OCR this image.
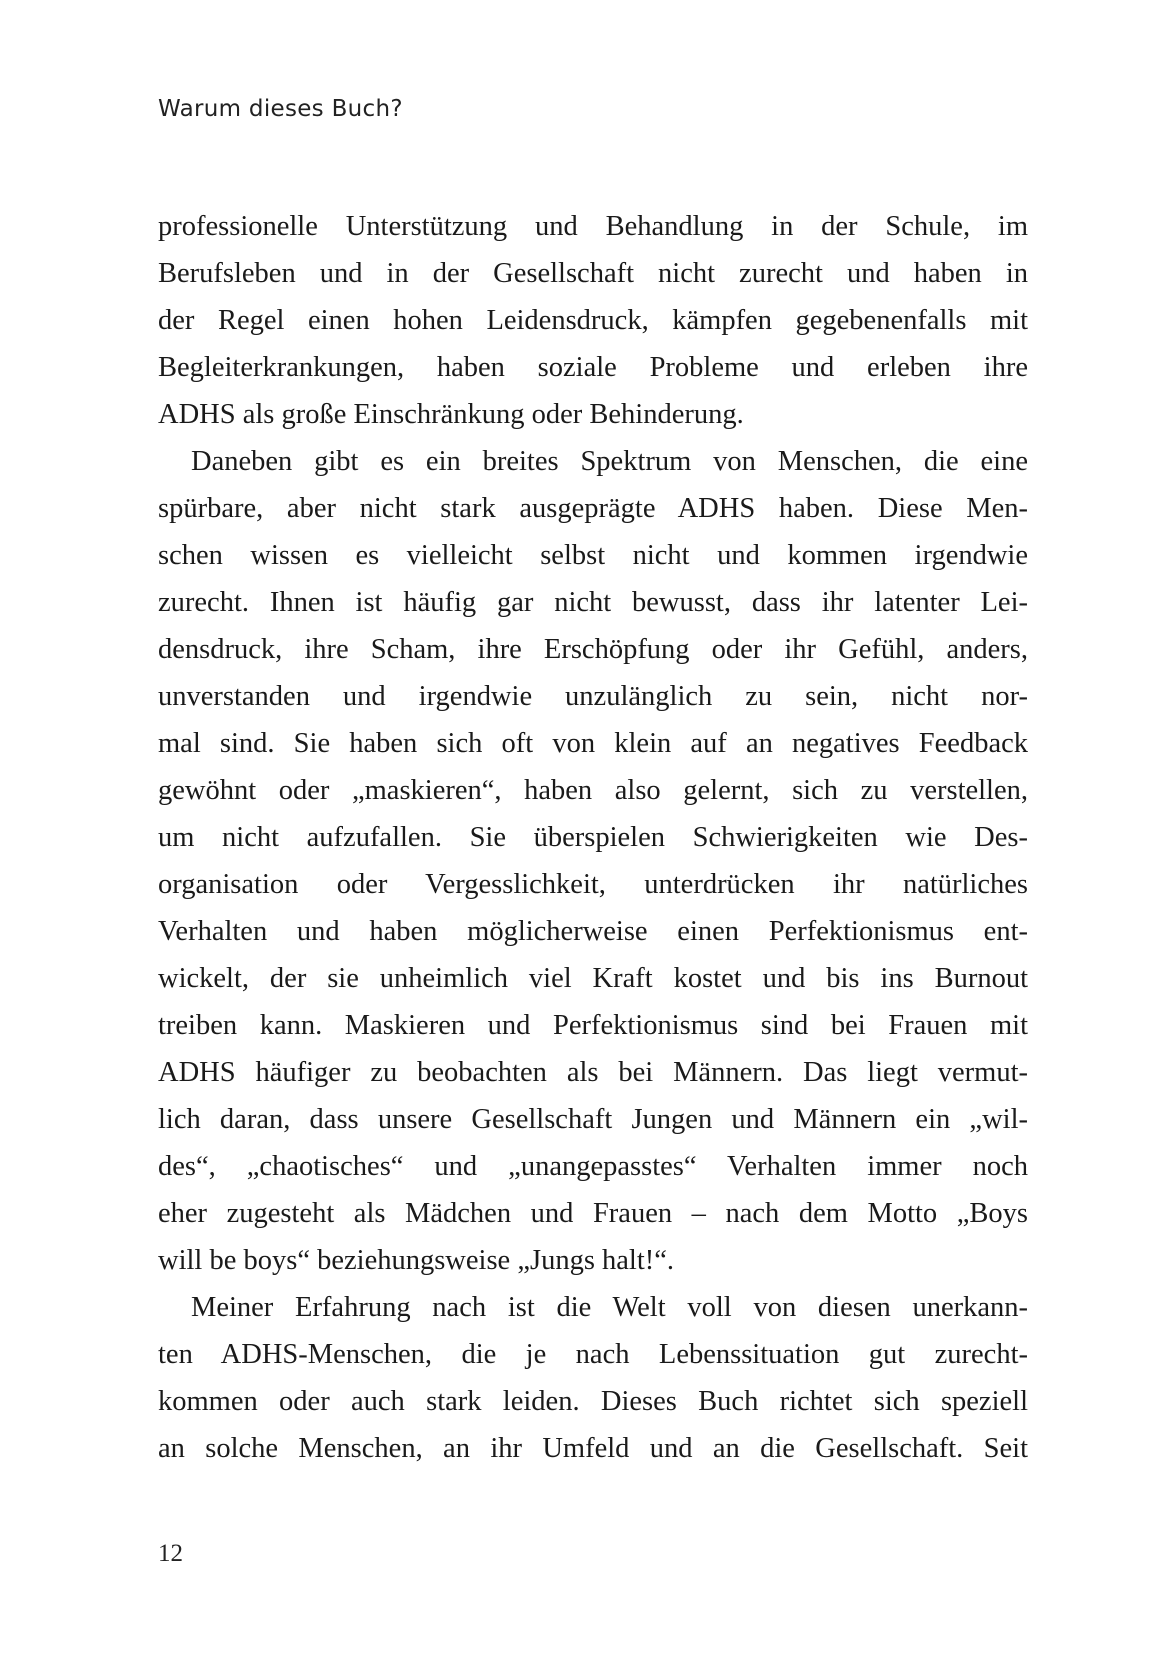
Warum dieses Buch?
professionelle Unterstützung und Behandlung in der Schule, im
Berufsleben und in der Gesellschaft nicht zurecht und haben in
der Regel einen hohen Leidensdruck, kämpfen gegebenenfalls mit
Begleiterkrankungen, haben soziale Probleme und erleben ihre
ADHS als große Einschränkung oder Behinderung.
Daneben gibt es ein breites Spektrum von Menschen, die eine
spürbare, aber nicht stark ausgeprägte ADHS haben. Diese Men-
schen wissen es vielleicht selbst nicht und kommen irgendwie
zurecht. Ihnen ist häufig gar nicht bewusst, dass ihr latenter Lei-
densdruck, ihre Scham, ihre Erschöpfung oder ihr Gefühl, anders,
unverstanden und irgendwie unzulänglich zu sein, nicht nor-
mal sind. Sie haben sich oft von klein auf an negatives Feedback
gewöhnt oder „maskieren“, haben also gelernt, sich zu verstellen,
um nicht aufzufallen. Sie überspielen Schwierigkeiten wie Des-
organisation oder Vergesslichkeit, unterdrücken ihr natürliches
Verhalten und haben möglicherweise einen Perfektionismus ent-
wickelt, der sie unheimlich viel Kraft kostet und bis ins Burnout
treiben kann. Maskieren und Perfektionismus sind bei Frauen mit
ADHS häufiger zu beobachten als bei Männern. Das liegt vermut-
lich daran, dass unsere Gesellschaft Jungen und Männern ein „wil-
des“, „chaotisches“ und „unangepasstes“ Verhalten immer noch
eher zugesteht als Mädchen und Frauen – nach dem Motto „Boys
will be boys“ beziehungsweise „Jungs halt!“.
Meiner Erfahrung nach ist die Welt voll von diesen unerkann-
ten ADHS-Menschen, die je nach Lebenssituation gut zurecht-
kommen oder auch stark leiden. Dieses Buch richtet sich speziell
an solche Menschen, an ihr Umfeld und an die Gesellschaft. Seit
12
